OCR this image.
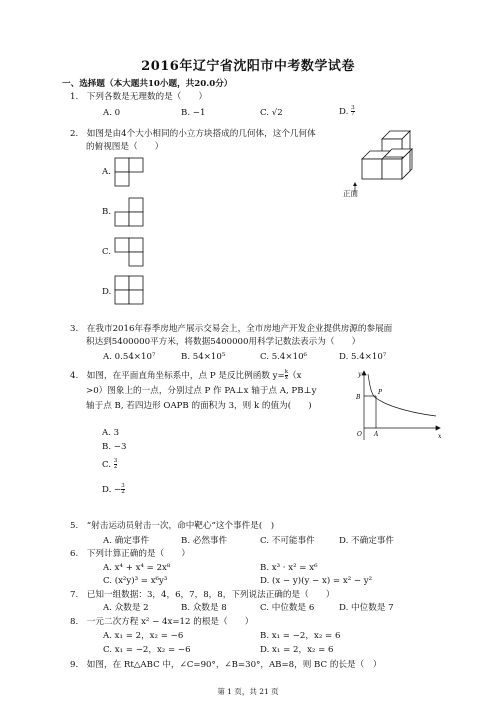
2016年辽宁省沈阳市中考数学试卷
一、选择题（本大题共10小题，共20.0分）
1.　下列各数是无理数的是（　　）
A. 0	B. −1	C. √2	D. $\frac{3}{7}$
2.　如图是由4个大小相同的小立方块搭成的几何体，这个几何体
的俯视图是（　　）
正面
A.
B.
C.
D.
3.　在我市2016年春季房地产展示交易会上，全市房地产开发企业提供房源的参展面
积达到5400000平方米，将数据5400000用科学记数法表示为（　　）
A. 0.54×10⁷	B. 54×10⁵	C. 5.4×10⁶	D. 5.4×10⁷
4.　如图，在平面直角坐标系中，点 P 是反比例函数 $y= \frac{k}{x} (x$
>0）图象上的一点，分别过点 P 作 PA⊥x 轴于点 A, PB⊥y
轴于点 B, 若四边形 OAPB 的面积为 3，则 k 的值为(　　)
y
x
O A
B
P
A. 3
B. −3
C. $\frac{3}{2}$
D. − $\frac{3}{2}$
5.　“射击运动员射击一次，命中靶心”这个事件是(　)
A. 确定事件	B. 必然事件	C. 不可能事件	D. 不确定事件
6.　下列计算正确的是（　　）
A. x⁴ + x⁴ = 2x⁸	B. x³ · x² = x⁶
C. (x²y)³ = x⁶y³	D. (x − y)(y − x) = x² − y²
7.　已知一组数据：3，4，6，7，8，8，下列说法正确的是（　　）
A. 众数是 2	B. 众数是 8	C. 中位数是 6	D. 中位数是 7
8.　一元二次方程 x² − 4x=12 的根是（　　）
A. x₁ = 2，x₂ = −6	B. x₁ = −2，x₂ = 6
C. x₁ = −2，x₂ = −6	D. x₁ = 2，x₂ = 6
9.　如图，在 Rt△ABC 中，∠C=90°，∠B=30°，AB=8，则 BC 的长是（　）
第 1 页，共 21 页
